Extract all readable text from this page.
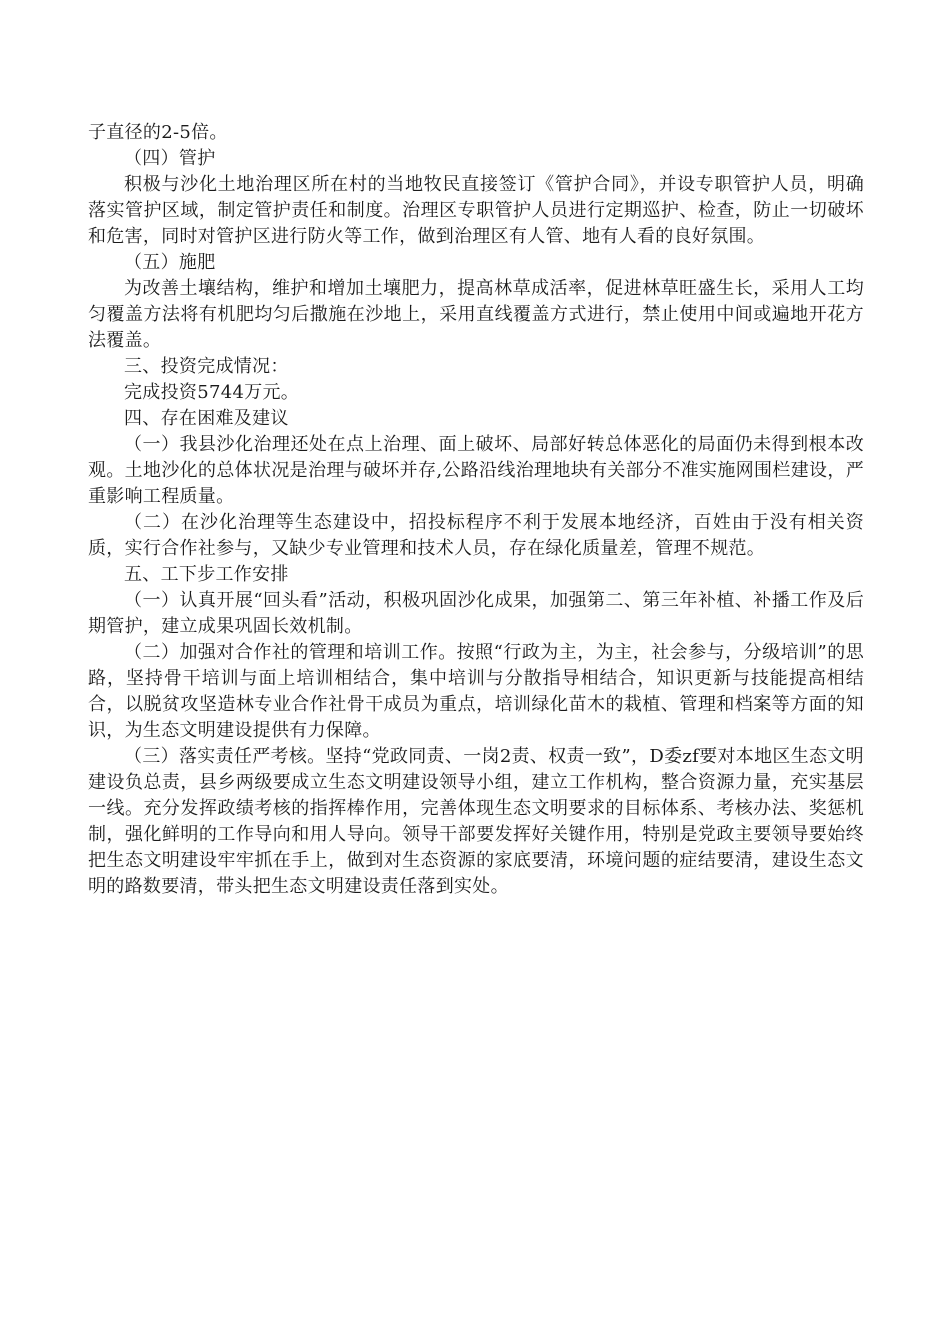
子直径的2-5倍。

（四）管护

积极与沙化土地治理区所在村的当地牧民直接签订《管护合同》，并设专职管护人员，明确落实管护区域，制定管护责任和制度。治理区专职管护人员进行定期巡护、检查，防止一切破坏和危害，同时对管护区进行防火等工作，做到治理区有人管、地有人看的良好氛围。

（五）施肥

为改善土壤结构，维护和增加土壤肥力，提高林草成活率，促进林草旺盛生长，采用人工均匀覆盖方法将有机肥均匀后撒施在沙地上，采用直线覆盖方式进行，禁止使用中间或遍地开花方法覆盖。

三、投资完成情况：

完成投资5744万元。

四、存在困难及建议

（一）我县沙化治理还处在点上治理、面上破坏、局部好转总体恶化的局面仍未得到根本改观。土地沙化的总体状况是治理与破坏并存,公路沿线治理地块有关部分不准实施网围栏建设，严重影响工程质量。

（二）在沙化治理等生态建设中，招投标程序不利于发展本地经济，百姓由于没有相关资质，实行合作社参与，又缺少专业管理和技术人员，存在绿化质量差，管理不规范。

五、工下步工作安排

（一）认真开展“回头看”活动，积极巩固沙化成果，加强第二、第三年补植、补播工作及后期管护，建立成果巩固长效机制。

（二）加强对合作社的管理和培训工作。按照“行政为主，为主，社会参与，分级培训”的思路，坚持骨干培训与面上培训相结合，集中培训与分散指导相结合，知识更新与技能提高相结合，以脱贫攻坚造林专业合作社骨干成员为重点，培训绿化苗木的栽植、管理和档案等方面的知识，为生态文明建设提供有力保障。

（三）落实责任严考核。坚持“党政同责、一岗2责、权责一致”，D委zf要对本地区生态文明建设负总责，县乡两级要成立生态文明建设领导小组，建立工作机构，整合资源力量，充实基层一线。充分发挥政绩考核的指挥棒作用，完善体现生态文明要求的目标体系、考核办法、奖惩机制，强化鲜明的工作导向和用人导向。领导干部要发挥好关键作用，特别是党政主要领导要始终把生态文明建设牢牢抓在手上，做到对生态资源的家底要清，环境问题的症结要清，建设生态文明的路数要清，带头把生态文明建设责任落到实处。
